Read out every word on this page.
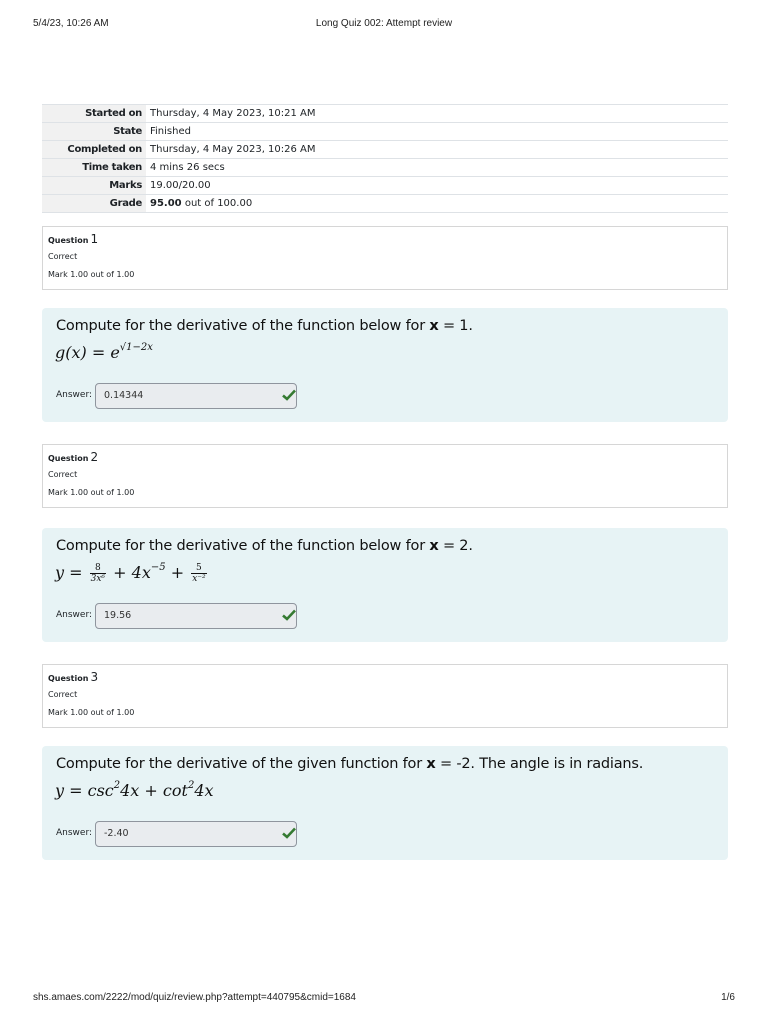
5/4/23, 10:26 AM	Long Quiz 002: Attempt review
Started on	Thursday, 4 May 2023, 10:21 AM
State	Finished
Completed on	Thursday, 4 May 2023, 10:26 AM
Time taken	4 mins 26 secs
Marks	19.00/20.00
Grade	95.00 out of 100.00
Question 1
Correct
Mark 1.00 out of 1.00
Compute for the derivative of the function below for x = 1.
$g(x) = e^{√1-2x}$
Answer:	0.14344
Question 2
Correct
Mark 1.00 out of 1.00
Compute for the derivative of the function below for x = 2.
$y = \frac{8}{\text{3x⁶}} + 4x^{-5} + \frac{5}{\text{x⁻²}}$
Answer:	19.56
Question 3
Correct
Mark 1.00 out of 1.00
Compute for the derivative of the given function for x = -2. The angle is in radians.
$y = \csc^24x + \cot^24x$
Answer:	-2.40
shs.amaes.com/2222/mod/quiz/review.php?attempt=440795&cmid=1684	1/6
